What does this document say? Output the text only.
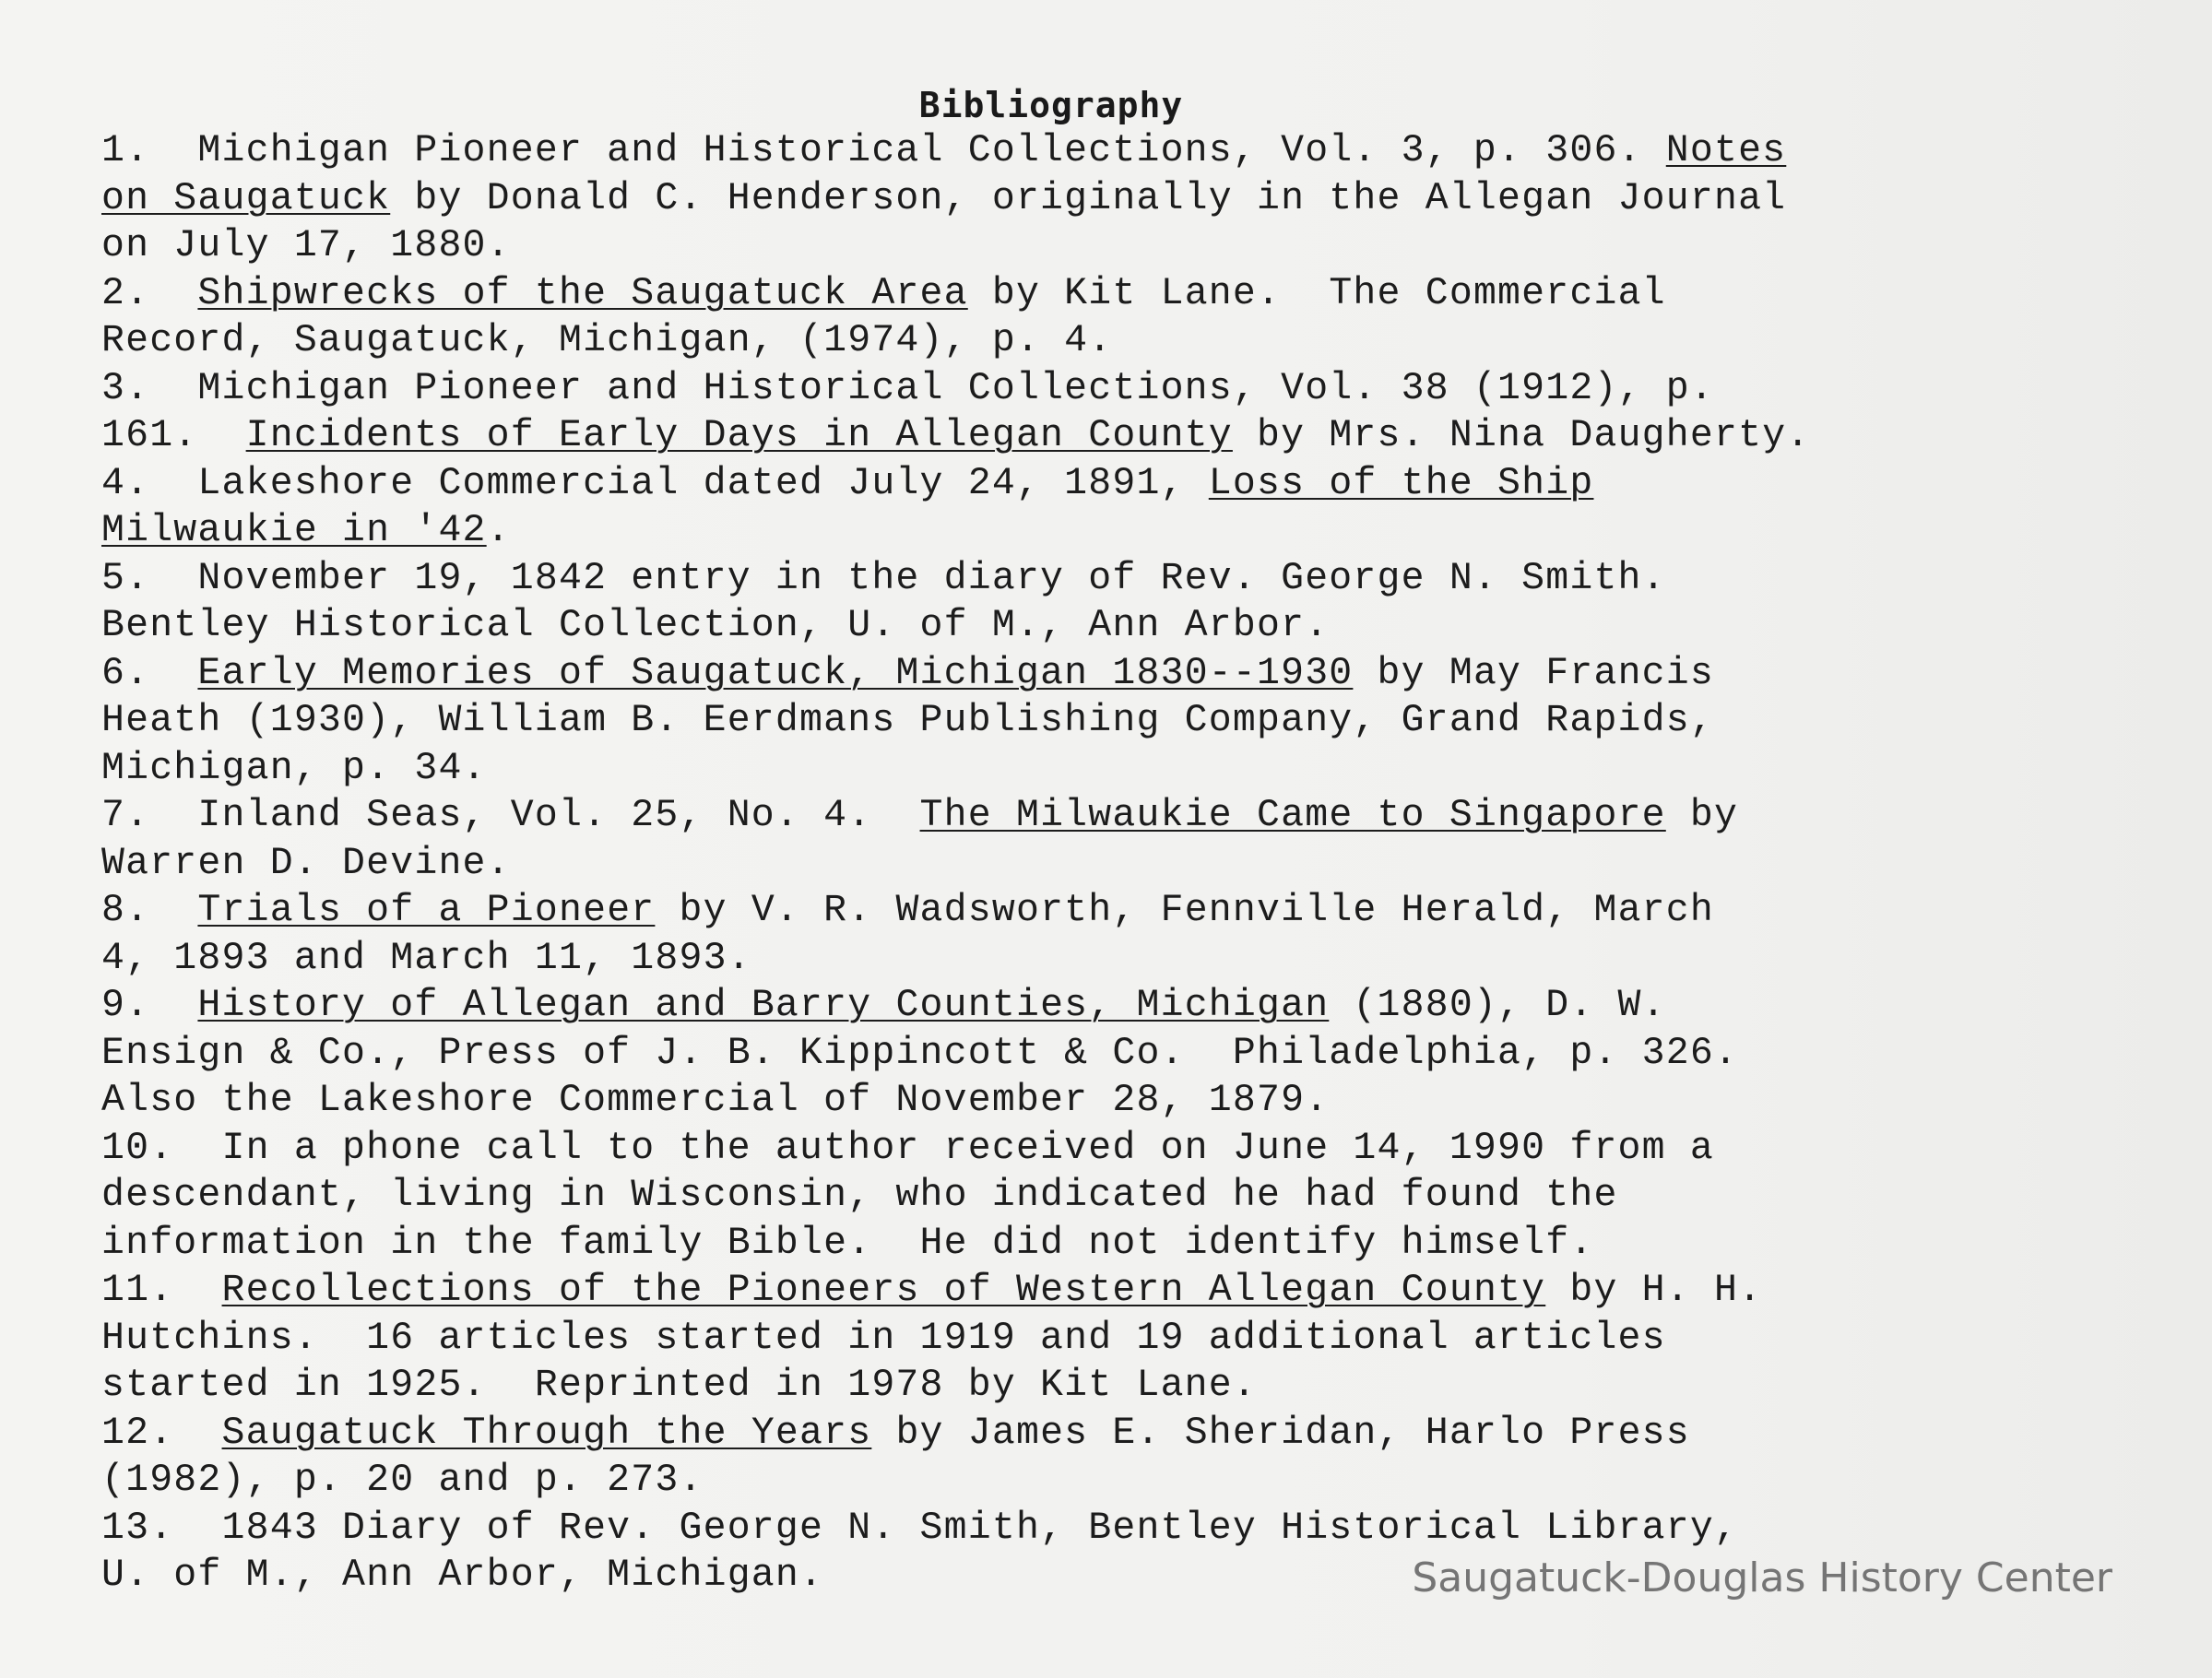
Bibliography
1.  Michigan Pioneer and Historical Collections, Vol. 3, p. 306. Notes
on Saugatuck by Donald C. Henderson, originally in the Allegan Journal
on July 17, 1880.
2.  Shipwrecks of the Saugatuck Area by Kit Lane.  The Commercial
Record, Saugatuck, Michigan, (1974), p. 4.
3.  Michigan Pioneer and Historical Collections, Vol. 38 (1912), p.
161.  Incidents of Early Days in Allegan County by Mrs. Nina Daugherty.
4.  Lakeshore Commercial dated July 24, 1891, Loss of the Ship
Milwaukie in '42.
5.  November 19, 1842 entry in the diary of Rev. George N. Smith.
Bentley Historical Collection, U. of M., Ann Arbor.
6.  Early Memories of Saugatuck, Michigan 1830--1930 by May Francis
Heath (1930), William B. Eerdmans Publishing Company, Grand Rapids,
Michigan, p. 34.
7.  Inland Seas, Vol. 25, No. 4.  The Milwaukie Came to Singapore by
Warren D. Devine.
8.  Trials of a Pioneer by V. R. Wadsworth, Fennville Herald, March
4, 1893 and March 11, 1893.
9.  History of Allegan and Barry Counties, Michigan (1880), D. W.
Ensign & Co., Press of J. B. Kippincott & Co.  Philadelphia, p. 326.
Also the Lakeshore Commercial of November 28, 1879.
10.  In a phone call to the author received on June 14, 1990 from a
descendant, living in Wisconsin, who indicated he had found the
information in the family Bible.  He did not identify himself.
11.  Recollections of the Pioneers of Western Allegan County by H. H.
Hutchins.  16 articles started in 1919 and 19 additional articles
started in 1925.  Reprinted in 1978 by Kit Lane.
12.  Saugatuck Through the Years by James E. Sheridan, Harlo Press
(1982), p. 20 and p. 273.
13.  1843 Diary of Rev. George N. Smith, Bentley Historical Library,
U. of M., Ann Arbor, Michigan.	Saugatuck-Douglas History Center
